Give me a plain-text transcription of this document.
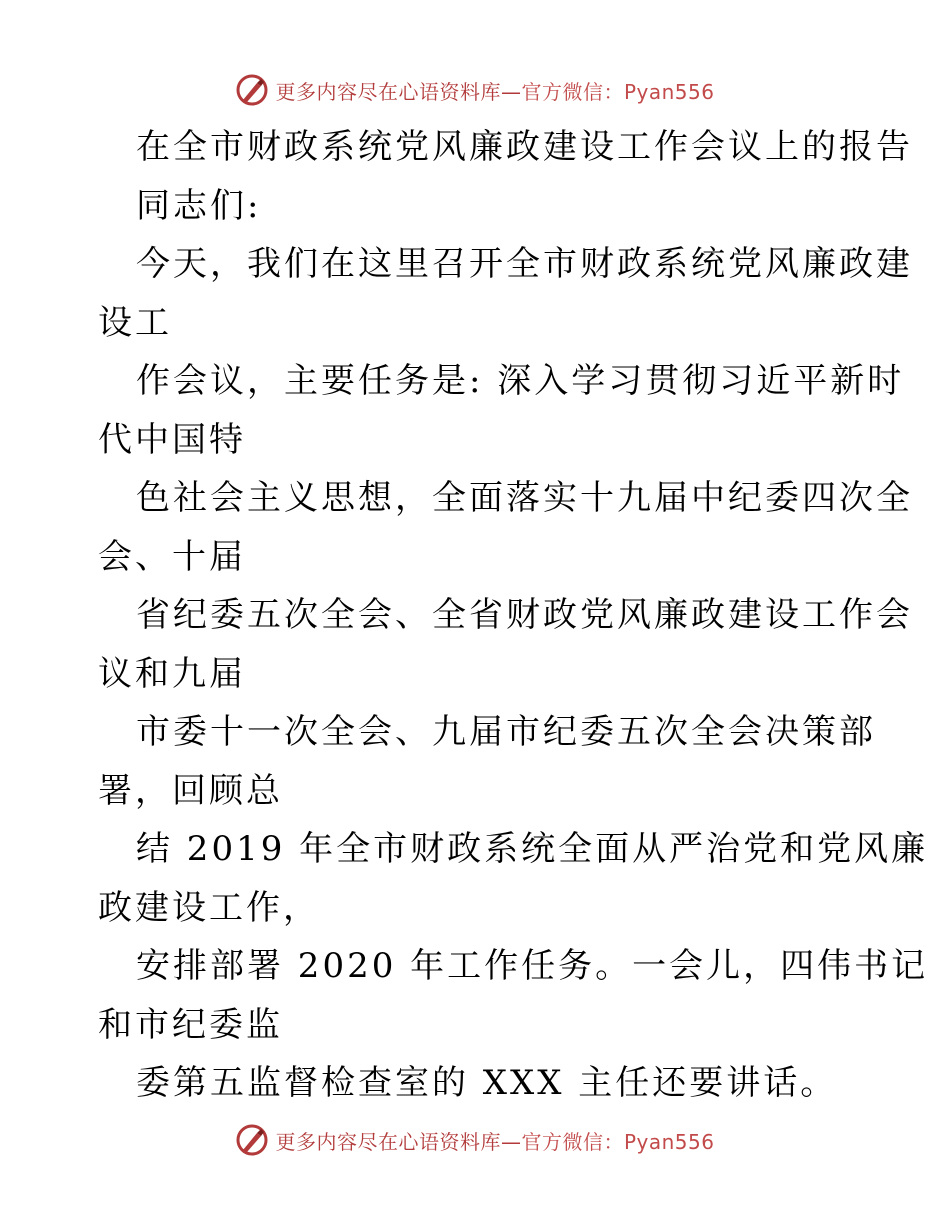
更多内容尽在心语资料库—官方微信：Pyan556
在全市财政系统党风廉政建设工作会议上的报告
同志们:
今天，我们在这里召开全市财政系统党风廉政建
设工
作会议，主要任务是: 深入学习贯彻习近平新时
代中国特
色社会主义思想，全面落实十九届中纪委四次全
会、十届
省纪委五次全会、全省财政党风廉政建设工作会
议和九届
市委十一次全会、九届市纪委五次全会决策部
署，回顾总
结 2019 年全市财政系统全面从严治党和党风廉
政建设工作，
安排部署 2020 年工作任务。一会儿，四伟书记
和市纪委监
委第五监督检查室的 XXX 主任还要讲话。
更多内容尽在心语资料库—官方微信：Pyan556
